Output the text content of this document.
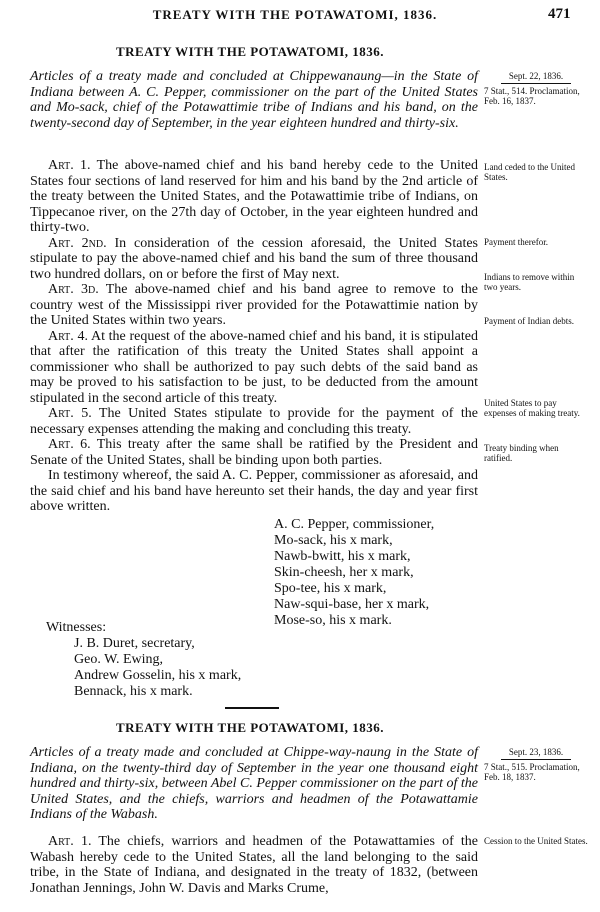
TREATY WITH THE POTAWATOMI, 1836.	471
TREATY WITH THE POTAWATOMI, 1836.
Articles of a treaty made and concluded at Chippewanaung—in the State of Indiana between A. C. Pepper, commissioner on the part of the United States and Mo-sack, chief of the Potawattimie tribe of Indians and his band, on the twenty-second day of September, in the year eighteen hundred and thirty-six.
Sept. 22, 1836.
7 Stat., 514. Proclamation, Feb. 16, 1837.

Art. 1. The above-named chief and his band hereby cede to the United States four sections of land reserved for him and his band by the 2nd article of the treaty between the United States, and the Potawattimie tribe of Indians, on Tippecanoe river, on the 27th day of October, in the year eighteen hundred and thirty-two.

Art. 2nd. In consideration of the cession aforesaid, the United States stipulate to pay the above-named chief and his band the sum of three thousand two hundred dollars, on or before the first of May next.

Art. 3d. The above-named chief and his band agree to remove to the country west of the Mississippi river provided for the Potawattimie nation by the United States within two years.

Art. 4. At the request of the above-named chief and his band, it is stipulated that after the ratification of this treaty the United States shall appoint a commissioner who shall be authorized to pay such debts of the said band as may be proved to his satisfaction to be just, to be deducted from the amount stipulated in the second article of this treaty.

Art. 5. The United States stipulate to provide for the payment of the necessary expenses attending the making and concluding this treaty.

Art. 6. This treaty after the same shall be ratified by the President and Senate of the United States, shall be binding upon both parties.

In testimony whereof, the said A. C. Pepper, commissioner as aforesaid, and the said chief and his band have hereunto set their hands, the day and year first above written.

Land ceded to the United States.
Payment therefor.
Indians to remove within two years.
Payment of Indian debts.
United States to pay expenses of making treaty.
Treaty binding when ratified.
A. C. Pepper, commissioner,
Mo-sack, his x mark,
Nawb-bwitt, his x mark,
Skin-cheesh, her x mark,
Spo-tee, his x mark,
Naw-squi-base, her x mark,
Mose-so, his x mark.
Witnesses:
J. B. Duret, secretary,
Geo. W. Ewing,
Andrew Gosselin, his x mark,
Bennack, his x mark.
TREATY WITH THE POTAWATOMI, 1836.
Articles of a treaty made and concluded at Chippe-way-naung in the State of Indiana, on the twenty-third day of September in the year one thousand eight hundred and thirty-six, between Abel C. Pepper commissioner on the part of the United States, and the chiefs, warriors and headmen of the Potawattamie Indians of the Wabash.
Sept. 23, 1836.
7 Stat., 515. Proclamation, Feb. 18, 1837.

Art. 1. The chiefs, warriors and headmen of the Potawattamies of the Wabash hereby cede to the United States, all the land belonging to the said tribe, in the State of Indiana, and designated in the treaty of 1832, (between Jonathan Jennings, John W. Davis and Marks Crume,

Cession to the United States.
